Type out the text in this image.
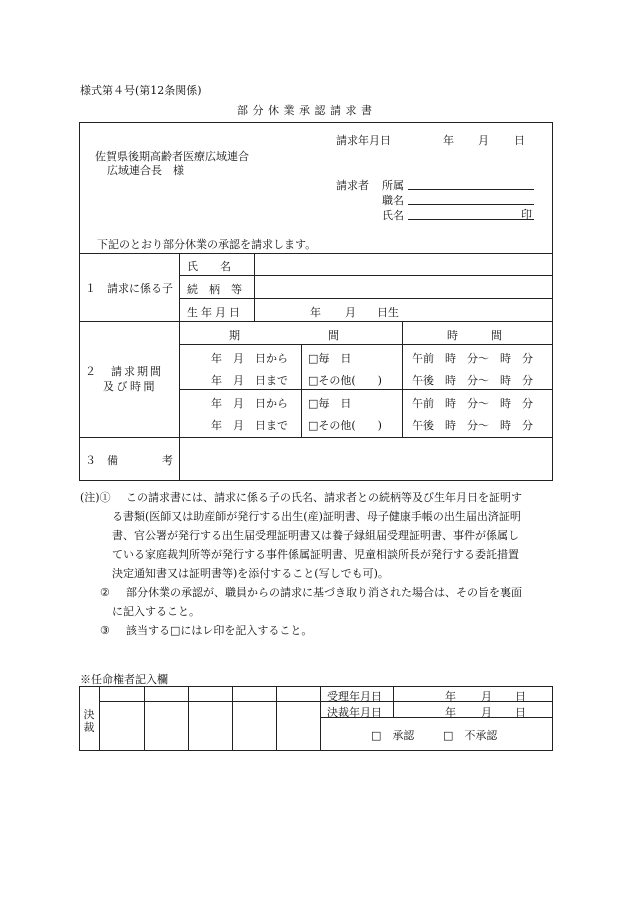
様式第４号(第12条関係)
部分休業承認請求書
請求年月日	年 月 日
佐賀県後期高齢者医療広域連合
広域連合長　様
請求者 所属
職名
氏名	印
下記のとおり部分休業の承認を請求します。
１　請求に係る子
氏　　名
続　柄　等
生年月日	年 月 日生
２　請求期間
及び時間
期　　　　　　　　間	時　　　間
年　月　日から □毎　日	午前　時　分～　時　分
年　月　日まで □その他(　　)	午後　時　分～　時　分
年　月　日から □毎　日	午前　時　分～　時　分
年　月　日まで □その他(　　)	午後　時　分～　時　分
３　備　　　　考
(注)① この請求書には、請求に係る子の氏名、請求者との続柄等及び生年月日を証明す
る書類(医師又は助産師が発行する出生(産)証明書、母子健康手帳の出生届出済証明
書、官公署が発行する出生届受理証明書又は養子縁組届受理証明書、事件が係属し
ている家庭裁判所等が発行する事件係属証明書、児童相談所長が発行する委託措置
決定通知書又は証明書等)を添付すること(写しでも可)。
② 部分休業の承認が、職員からの請求に基づき取り消された場合は、その旨を裏面
に記入すること。
③ 該当する□にはレ印を記入すること。
※任命権者記入欄
決裁
受理年月日	年 月 日
決裁年月日	年 月 日
□　承認	□　不承認
